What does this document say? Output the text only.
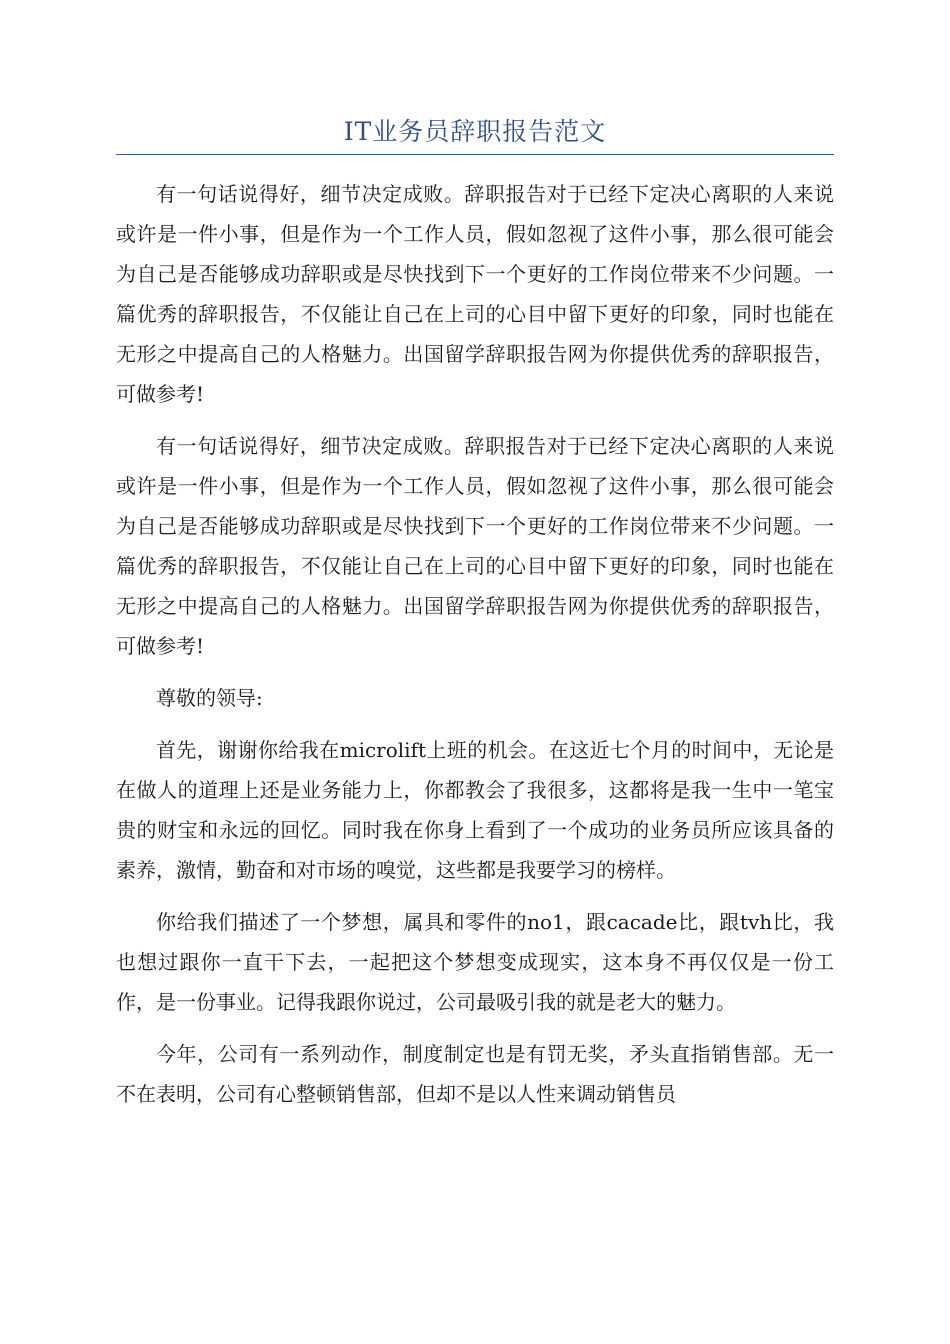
IT业务员辞职报告范文

有一句话说得好，细节决定成败。辞职报告对于已经下定决心离职的人来说或许是一件小事，但是作为一个工作人员，假如忽视了这件小事，那么很可能会为自己是否能够成功辞职或是尽快找到下一个更好的工作岗位带来不少问题。一篇优秀的辞职报告，不仅能让自己在上司的心目中留下更好的印象，同时也能在无形之中提高自己的人格魅力。出国留学辞职报告网为你提供优秀的辞职报告，可做参考!

有一句话说得好，细节决定成败。辞职报告对于已经下定决心离职的人来说或许是一件小事，但是作为一个工作人员，假如忽视了这件小事，那么很可能会为自己是否能够成功辞职或是尽快找到下一个更好的工作岗位带来不少问题。一篇优秀的辞职报告，不仅能让自己在上司的心目中留下更好的印象，同时也能在无形之中提高自己的人格魅力。出国留学辞职报告网为你提供优秀的辞职报告，可做参考!

尊敬的领导:

首先，谢谢你给我在microlift上班的机会。在这近七个月的时间中，无论是在做人的道理上还是业务能力上，你都教会了我很多，这都将是我一生中一笔宝贵的财宝和永远的回忆。同时我在你身上看到了一个成功的业务员所应该具备的素养，激情，勤奋和对市场的嗅觉，这些都是我要学习的榜样。

你给我们描述了一个梦想，属具和零件的no1，跟cacade比，跟tvh比，我也想过跟你一直干下去，一起把这个梦想变成现实，这本身不再仅仅是一份工作，是一份事业。记得我跟你说过，公司最吸引我的就是老大的魅力。

今年，公司有一系列动作，制度制定也是有罚无奖，矛头直指销售部。无一不在表明，公司有心整顿销售部，但却不是以人性来调动销售员
